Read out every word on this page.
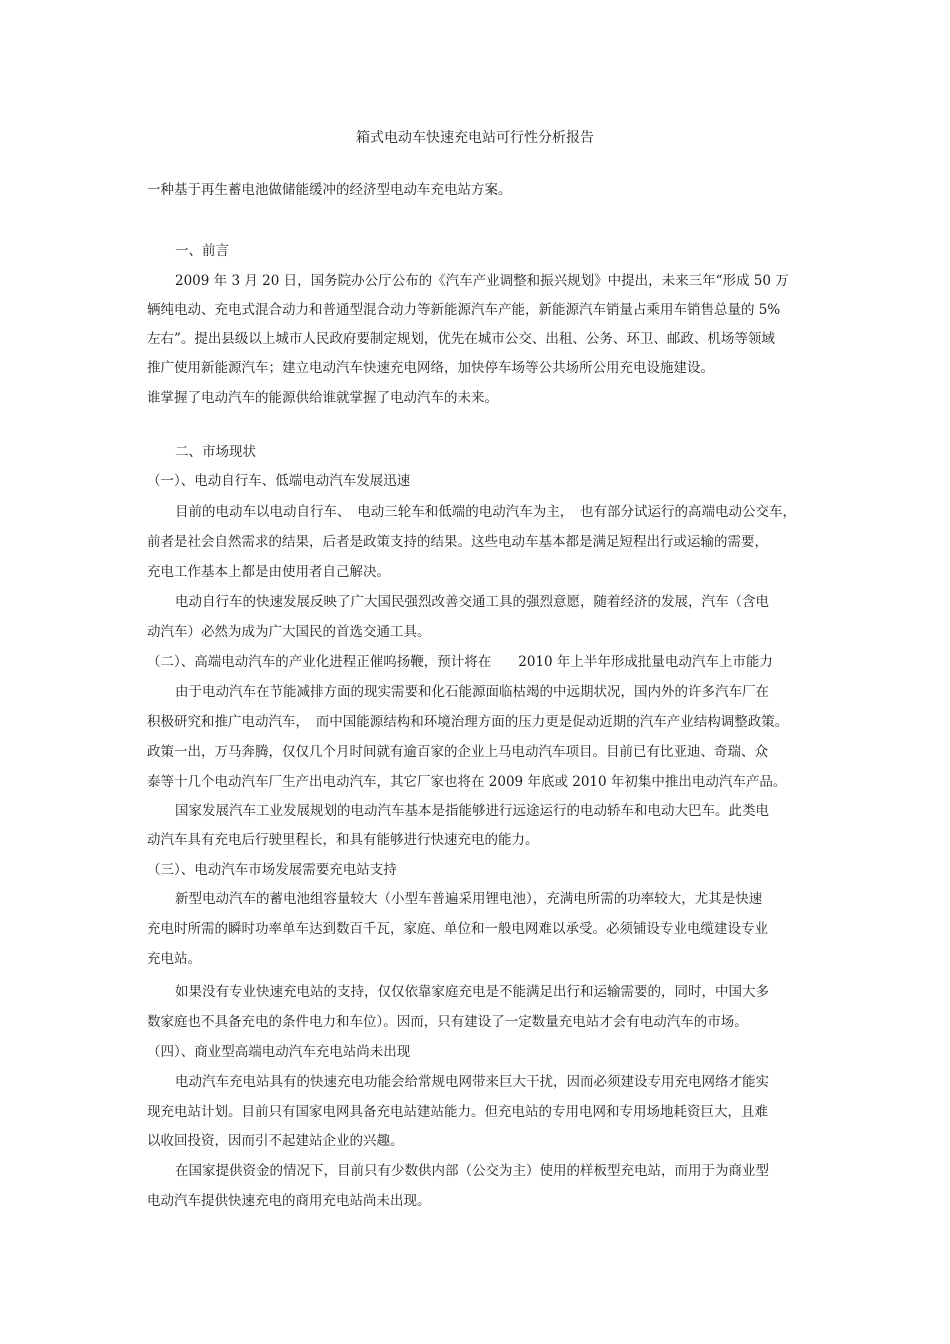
箱式电动车快速充电站可行性分析报告
一种基于再生蓄电池做储能缓冲的经济型电动车充电站方案。
一、前言
2009 年 3 月 20 日，国务院办公厅公布的《汽车产业调整和振兴规划》中提出，未来三年“形成 50 万
辆纯电动、充电式混合动力和普通型混合动力等新能源汽车产能，新能源汽车销量占乘用车销售总量的 5%
左右”。提出县级以上城市人民政府要制定规划，优先在城市公交、出租、公务、环卫、邮政、机场等领域
推广使用新能源汽车；建立电动汽车快速充电网络，加快停车场等公共场所公用充电设施建设。
谁掌握了电动汽车的能源供给谁就掌握了电动汽车的未来。
二、市场现状
（一）、电动自行车、低端电动汽车发展迅速
目前的电动车以电动自行车、　电动三轮车和低端的电动汽车为主，　也有部分试运行的高端电动公交车，
前者是社会自然需求的结果，后者是政策支持的结果。这些电动车基本都是满足短程出行或运输的需要，
充电工作基本上都是由使用者自己解决。
电动自行车的快速发展反映了广大国民强烈改善交通工具的强烈意愿，随着经济的发展，汽车（含电
动汽车）必然为成为广大国民的首选交通工具。
（二）、高端电动汽车的产业化进程正催呜扬鞭，预计将在　　2010 年上半年形成批量电动汽车上市能力
由于电动汽车在节能减排方面的现实需要和化石能源面临枯竭的中远期状况，国内外的许多汽车厂在
积极研究和推广电动汽车，　而中国能源结构和环境治理方面的压力更是促动近期的汽车产业结构调整政策。
政策一出，万马奔腾，仅仅几个月时间就有逾百家的企业上马电动汽车项目。目前已有比亚迪、奇瑞、众
泰等十几个电动汽车厂生产出电动汽车，其它厂家也将在 2009 年底或 2010 年初集中推出电动汽车产品。
国家发展汽车工业发展规划的电动汽车基本是指能够进行远途运行的电动轿车和电动大巴车。此类电
动汽车具有充电后行驶里程长，和具有能够进行快速充电的能力。
（三）、电动汽车市场发展需要充电站支持
新型电动汽车的蓄电池组容量较大（小型车普遍采用锂电池），充满电所需的功率较大，尤其是快速
充电时所需的瞬时功率单车达到数百千瓦，家庭、单位和一般电网难以承受。必须铺设专业电缆建设专业
充电站。
如果没有专业快速充电站的支持，仅仅依靠家庭充电是不能满足出行和运输需要的，同时，中国大多
数家庭也不具备充电的条件电力和车位）。因而，只有建设了一定数量充电站才会有电动汽车的市场。
（四）、商业型高端电动汽车充电站尚未出现
电动汽车充电站具有的快速充电功能会给常规电网带来巨大干扰，因而必须建设专用充电网络才能实
现充电站计划。目前只有国家电网具备充电站建站能力。但充电站的专用电网和专用场地耗资巨大，且难
以收回投资，因而引不起建站企业的兴趣。
在国家提供资金的情况下，目前只有少数供内部（公交为主）使用的样板型充电站，而用于为商业型
电动汽车提供快速充电的商用充电站尚未出现。
